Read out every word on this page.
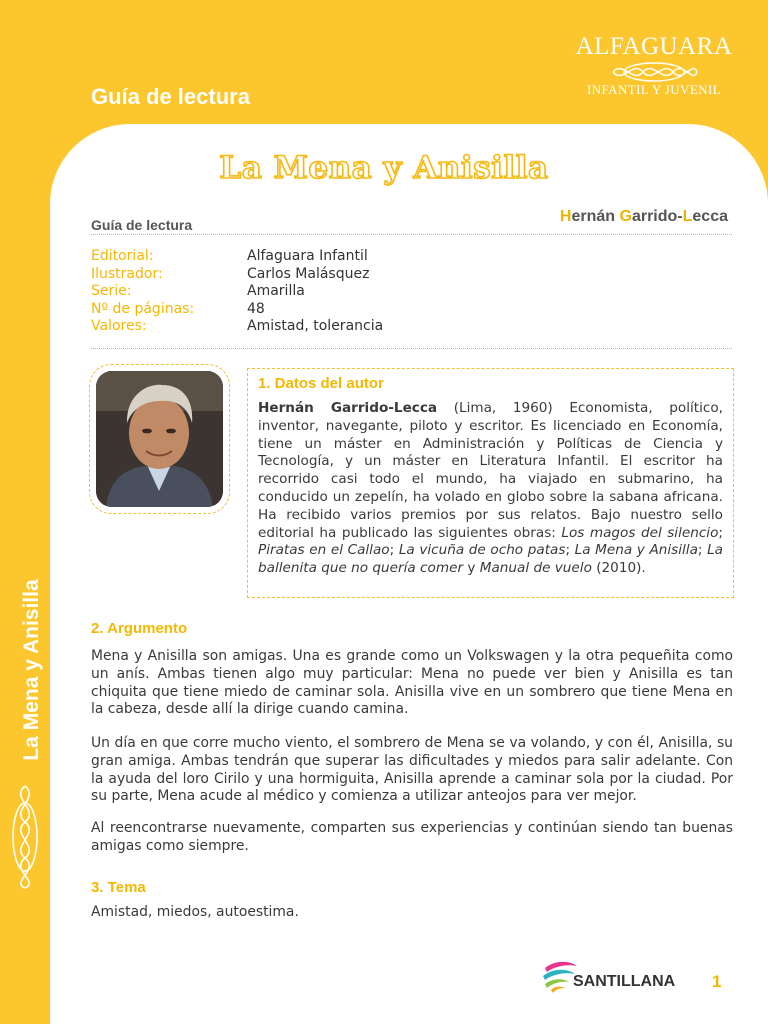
Guía de lectura
ALFAGUARA
INFANTIL Y JUVENIL
La Mena y Anisilla
La Mena y Anisilla
Guía de lectura	Hernán Garrido-Lecca
Editorial:	Alfaguara Infantil
Ilustrador:	Carlos Malásquez
Serie:	Amarilla
Nº de páginas:	48
Valores:	Amistad, tolerancia
1. Datos del autor
Hernán Garrido-Lecca (Lima, 1960) Economista, político, inventor, navegante, piloto y escritor. Es licenciado en Economía, tiene un máster en Administración y Políticas de Ciencia y Tecnología, y un máster en Literatura Infantil. El escritor ha recorrido casi todo el mundo, ha viajado en submarino, ha conducido un zepelín, ha volado en globo sobre la sabana africana. Ha recibido varios premios por sus relatos. Bajo nuestro sello editorial ha publicado las siguientes obras: Los magos del silencio; Piratas en el Callao; La vicuña de ocho patas; La Mena y Anisilla; La ballenita que no quería comer y Manual de vuelo (2010).
2. Argumento
Mena y Anisilla son amigas. Una es grande como un Volkswagen y la otra pequeñita como un anís. Ambas tienen algo muy particular: Mena no puede ver bien y Anisilla es tan chiquita que tiene miedo de caminar sola. Anisilla vive en un sombrero que tiene Mena en la cabeza, desde allí la dirige cuando camina.
Un día en que corre mucho viento, el sombrero de Mena se va volando, y con él, Anisilla, su gran amiga. Ambas tendrán que superar las dificultades y miedos para salir adelante. Con la ayuda del loro Cirilo y una hormiguita, Anisilla aprende a caminar sola por la ciudad. Por su parte, Mena acude al médico y comienza a utilizar anteojos para ver mejor.
Al reencontrarse nuevamente, comparten sus experiencias y continúan siendo tan buenas amigas como siempre.
3. Tema
Amistad, miedos, autoestima.
SANTILLANA 1
